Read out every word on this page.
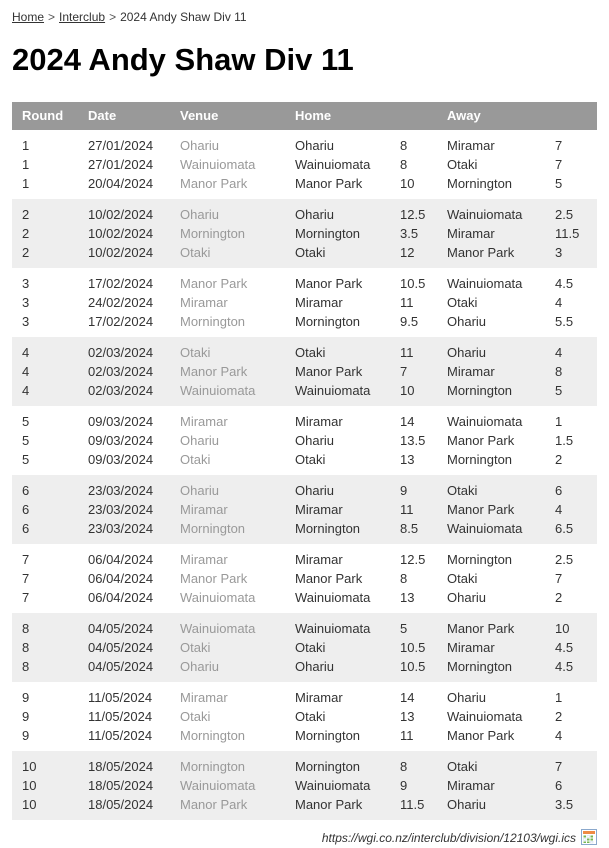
Home > Interclub > 2024 Andy Shaw Div 11
2024 Andy Shaw Div 11
Round	Date	Venue	Home		Away	
1	27/01/2024	Ohariu	Ohariu	8	Miramar	7
1	27/01/2024	Wainuiomata	Wainuiomata	8	Otaki	7
1	20/04/2024	Manor Park	Manor Park	10	Mornington	5
2	10/02/2024	Ohariu	Ohariu	12.5	Wainuiomata	2.5
2	10/02/2024	Mornington	Mornington	3.5	Miramar	11.5
2	10/02/2024	Otaki	Otaki	12	Manor Park	3
3	17/02/2024	Manor Park	Manor Park	10.5	Wainuiomata	4.5
3	24/02/2024	Miramar	Miramar	11	Otaki	4
3	17/02/2024	Mornington	Mornington	9.5	Ohariu	5.5
4	02/03/2024	Otaki	Otaki	11	Ohariu	4
4	02/03/2024	Manor Park	Manor Park	7	Miramar	8
4	02/03/2024	Wainuiomata	Wainuiomata	10	Mornington	5
5	09/03/2024	Miramar	Miramar	14	Wainuiomata	1
5	09/03/2024	Ohariu	Ohariu	13.5	Manor Park	1.5
5	09/03/2024	Otaki	Otaki	13	Mornington	2
6	23/03/2024	Ohariu	Ohariu	9	Otaki	6
6	23/03/2024	Miramar	Miramar	11	Manor Park	4
6	23/03/2024	Mornington	Mornington	8.5	Wainuiomata	6.5
7	06/04/2024	Miramar	Miramar	12.5	Mornington	2.5
7	06/04/2024	Manor Park	Manor Park	8	Otaki	7
7	06/04/2024	Wainuiomata	Wainuiomata	13	Ohariu	2
8	04/05/2024	Wainuiomata	Wainuiomata	5	Manor Park	10
8	04/05/2024	Otaki	Otaki	10.5	Miramar	4.5
8	04/05/2024	Ohariu	Ohariu	10.5	Mornington	4.5
9	11/05/2024	Miramar	Miramar	14	Ohariu	1
9	11/05/2024	Otaki	Otaki	13	Wainuiomata	2
9	11/05/2024	Mornington	Mornington	11	Manor Park	4
10	18/05/2024	Mornington	Mornington	8	Otaki	7
10	18/05/2024	Wainuiomata	Wainuiomata	9	Miramar	6
10	18/05/2024	Manor Park	Manor Park	11.5	Ohariu	3.5
https://wgi.co.nz/interclub/division/12103/wgi.ics
